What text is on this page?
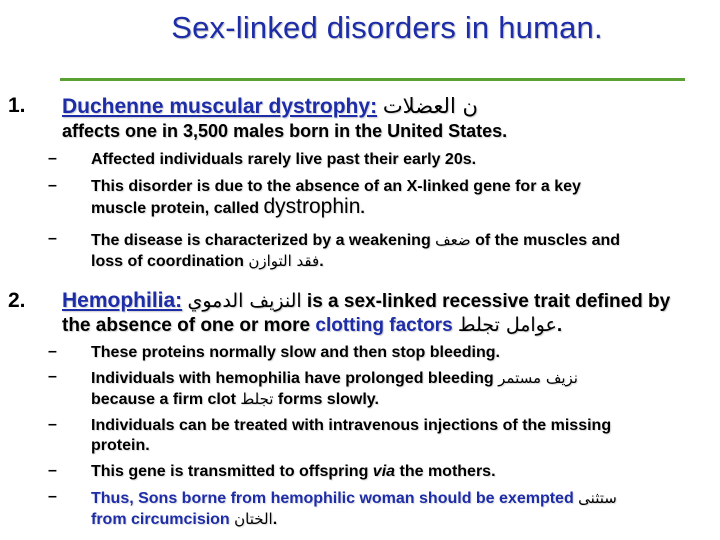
Sex-linked disorders in human.
1. Duchenne muscular dystrophy: ن العضلات
affects one in 3,500 males born in the United States.
– Affected individuals rarely live past their early 20s.
– This disorder is due to the absence of an X-linked gene for a key
muscle protein, called dystrophin.
– The disease is characterized by a weakening ضعف of the muscles and
loss of coordination فقد التوازن.
2. Hemophilia: النزيف الدموي is a sex-linked recessive trait defined by
the absence of one or more clotting factors عوامل تجلط.
– These proteins normally slow and then stop bleeding.
– Individuals with hemophilia have prolonged bleeding نزيف مستمر
because a firm clot تجلط forms slowly.
– Individuals can be treated with intravenous injections of the missing
protein.
– This gene is transmitted to offspring via the mothers.
– Thus, Sons borne from hemophilic woman should be exempted ستثنى
from circumcision الختان.
